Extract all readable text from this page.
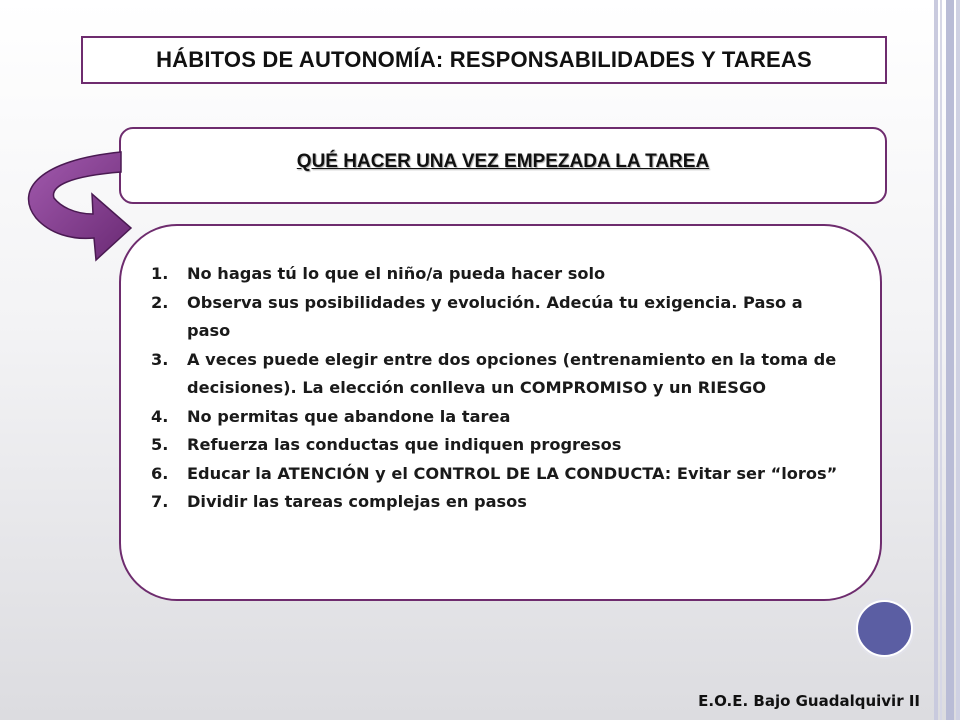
HÁBITOS DE AUTONOMÍA: RESPONSABILIDADES Y TAREAS
QUÉ HACER UNA VEZ EMPEZADA LA TAREA
1.	No hagas tú lo que el niño/a pueda hacer solo
2.	Observa sus posibilidades y evolución. Adecúa tu exigencia. Paso a paso
3.	A veces puede elegir entre dos opciones (entrenamiento en la toma de decisiones). La elección conlleva un COMPROMISO y un RIESGO
4.	No permitas que abandone la tarea
5.	Refuerza las conductas que indiquen progresos
6.	Educar la ATENCIÓN y el CONTROL DE LA CONDUCTA: Evitar ser “loros”
7.	Dividir las tareas complejas en pasos
E.O.E. Bajo Guadalquivir II
